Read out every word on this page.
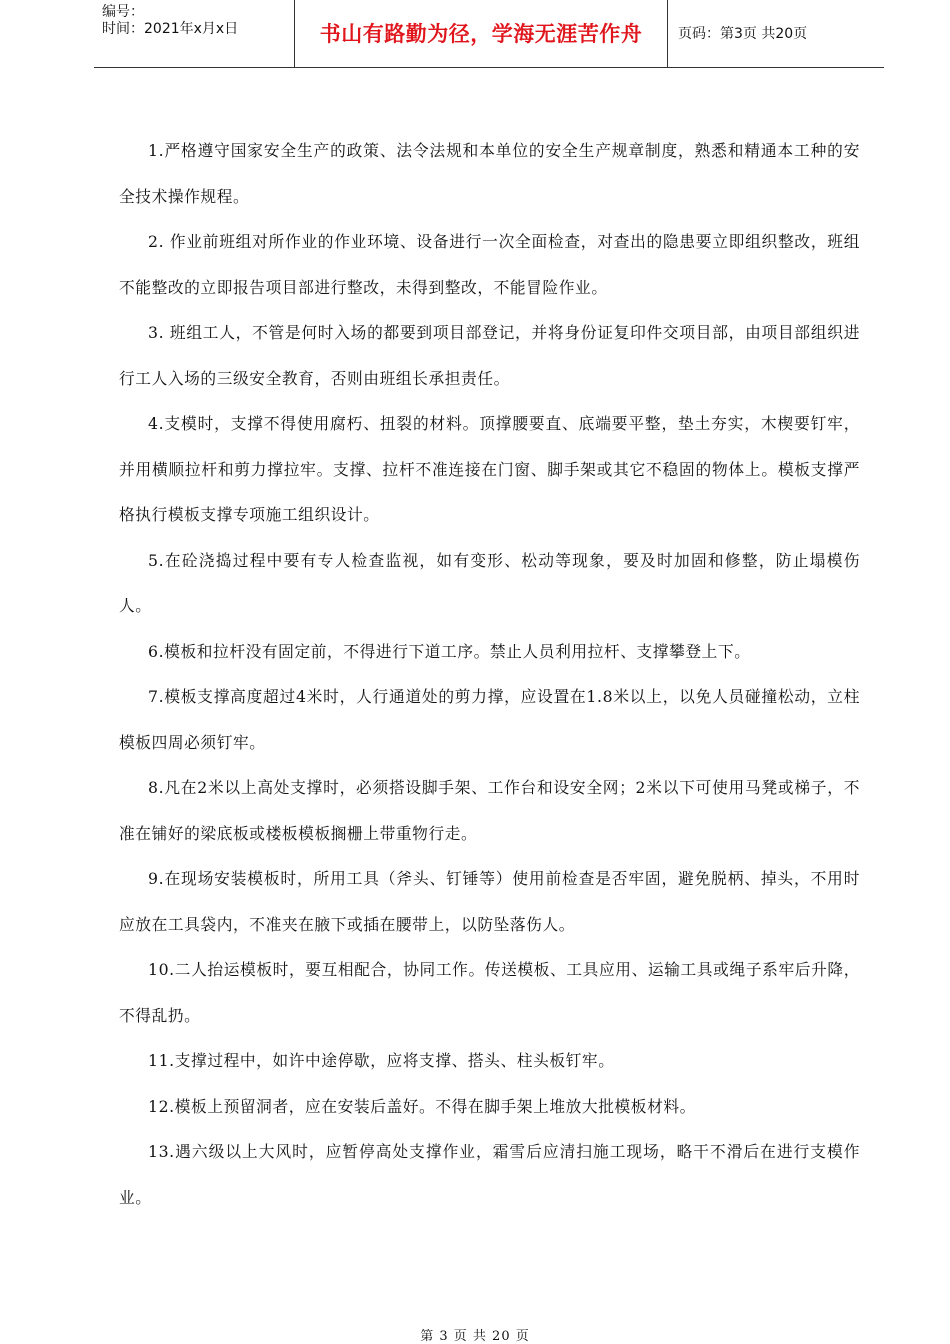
编号：
时间：2021年x月x日	书山有路勤为径，学海无涯苦作舟	页码：第3页 共20页
1.严格遵守国家安全生产的政策、法令法规和本单位的安全生产规章制度，熟悉和精通本工种的安全技术操作规程。
2. 作业前班组对所作业的作业环境、设备进行一次全面检查，对查出的隐患要立即组织整改，班组不能整改的立即报告项目部进行整改，未得到整改，不能冒险作业。
3. 班组工人，不管是何时入场的都要到项目部登记，并将身份证复印件交项目部，由项目部组织进行工人入场的三级安全教育，否则由班组长承担责任。
4.支模时，支撑不得使用腐朽、扭裂的材料。顶撑腰要直、底端要平整，垫土夯实，木楔要钉牢，并用横顺拉杆和剪力撑拉牢。支撑、拉杆不准连接在门窗、脚手架或其它不稳固的物体上。模板支撑严格执行模板支撑专项施工组织设计。
5.在砼浇捣过程中要有专人检查监视，如有变形、松动等现象，要及时加固和修整，防止塌模伤人。
6.模板和拉杆没有固定前，不得进行下道工序。禁止人员利用拉杆、支撑攀登上下。
7.模板支撑高度超过4米时，人行通道处的剪力撑，应设置在1.8米以上，以免人员碰撞松动，立柱模板四周必须钉牢。
8.凡在2米以上高处支撑时，必须搭设脚手架、工作台和设安全网；2米以下可使用马凳或梯子，不准在铺好的梁底板或楼板模板搁栅上带重物行走。
9.在现场安装模板时，所用工具（斧头、钉锤等）使用前检查是否牢固，避免脱柄、掉头，不用时应放在工具袋内，不准夹在腋下或插在腰带上，以防坠落伤人。
10.二人抬运模板时，要互相配合，协同工作。传送模板、工具应用、运输工具或绳子系牢后升降，不得乱扔。
11.支撑过程中，如许中途停歇，应将支撑、搭头、柱头板钉牢。
12.模板上预留洞者，应在安装后盖好。不得在脚手架上堆放大批模板材料。
13.遇六级以上大风时，应暂停高处支撑作业，霜雪后应清扫施工现场，略干不滑后在进行支模作业。
第 3 页 共 20 页
